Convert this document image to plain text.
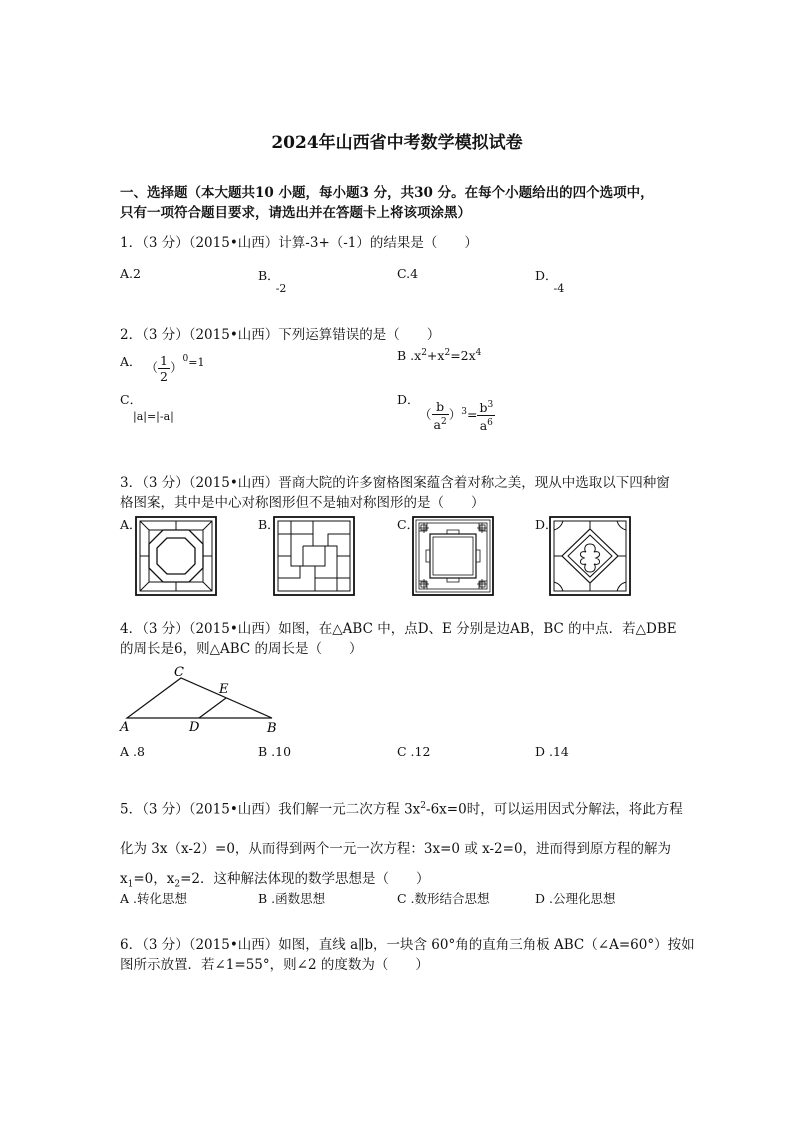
2024年山西省中考数学模拟试卷
一、选择题（本大题共10 小题，每小题3 分，共30 分。在每个小题给出的四个选项中，
只有一项符合题目要求，请选出并在答题卡上将该项涂黑）
1．（3 分）（2015•山西）计算-3+（-1）的结果是（　　）
A.2	B．-2
C.4	D．-4
2．（3 分）（2015•山西）下列运算错误的是（　　）
A． （ $\frac{1}{2} )^0=1$	B $.x^2+x^2=2x^4$
C．
|a|=|-a|
D．
（ $\frac{b}{a^2} )^3= \frac{b^3}{a^6}$
3．（3 分）（2015•山西）晋商大院的许多窗格图案蕴含着对称之美，现从中选取以下四种窗
格图案，其中是中心对称图形但不是轴对称图形的是（　　）
A．	B．	C．	D．
4．（3 分）（2015•山西）如图，在△ABC 中，点D、E 分别是边AB，BC 的中点．若△DBE
的周长是6，则△ABC 的周长是（　　）
A
C
E
D	B
A .8	B .10	C .12	D .14
5．（3 分）（2015•山西）我们解一元二次方程 $3x^2-6x=0$时，可以运用因式分解法，将此方程
化为 3x（x-2）=0，从而得到两个一元一次方程：3x=0 或 x-2=0，进而得到原方程的解为
$x_1=0$，$x_2=2$．这种解法体现的数学思想是（　　）
A .转化思想	B .函数思想	C .数形结合思想	D .公理化思想
6．（3 分）（2015•山西）如图，直线 a∥b，一块含 60°角的直角三角板 ABC（∠A=60°）按如
图所示放置．若∠1=55°，则∠2 的度数为（　　）
